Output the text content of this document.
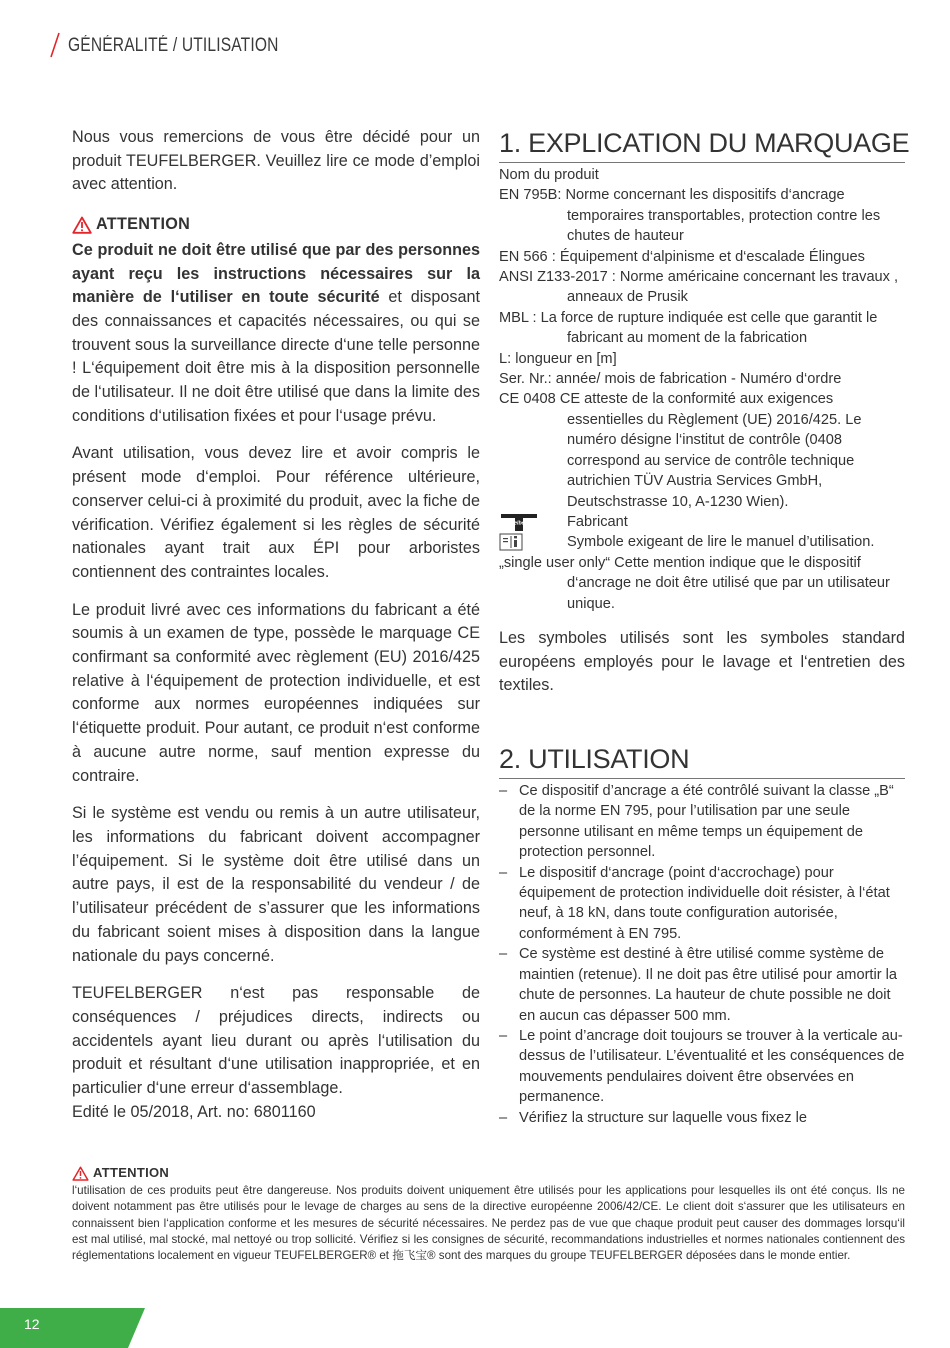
GÉNÉRALITÉ / UTILISATION

Nous vous remercions de vous être décidé pour un produit TEUFELBERGER. Veuillez lire ce mode d’emploi avec attention.

ATTENTION

Ce produit ne doit être utilisé que par des personnes ayant reçu les instructions nécessaires sur la manière de l‘utiliser en toute sécurité et disposant des connaissances et capacités nécessaires, ou qui se trouvent sous la surveillance directe d‘une telle personne ! L‘équipement doit être mis à la disposition personnelle de l‘utilisateur. Il ne doit être utilisé que dans la limite des conditions d‘utilisation fixées et pour l‘usage prévu.

Avant utilisation, vous devez lire et avoir compris le présent mode d‘emploi. Pour référence ultérieure, conserver celui-ci à proximité du produit, avec la fiche de vérification. Vérifiez également si les règles de sécurité nationales ayant trait aux ÉPI pour arboristes contiennent des contraintes locales.

Le produit livré avec ces informations du fabricant a été soumis à un examen de type, possède le marquage CE confirmant sa conformité avec règlement (EU) 2016/425 relative à l‘équipement de protection individuelle, et est conforme aux normes européennes indiquées sur l‘étiquette produit. Pour autant, ce produit n‘est conforme à aucune autre norme, sauf mention expresse du contraire.

Si le système est vendu ou remis à un autre utilisateur, les informations du fabricant doivent accompagner l’équipement. Si le système doit être utilisé dans un autre pays, il est de la responsabilité du vendeur / de l’utilisateur précédent de s’assurer que les informations du fabricant soient mises à disposition dans la langue nationale du pays concerné.

TEUFELBERGER n‘est pas responsable de conséquences / préjudices directs, indirects ou accidentels ayant lieu durant ou après l‘utilisation du produit et résultant d‘une utilisation inappropriée, et en particulier d‘une erreur d‘assemblage.
Edité le 05/2018, Art. no: 6801160

1. EXPLICATION DU MARQUAGE
Nom du produit
EN 795B: Norme concernant les dispositifs d‘ancrage temporaires transportables, protection contre les chutes de hauteur
EN 566 : Équipement d‘alpinisme et d‘escalade Élingues
ANSI Z133-2017 : Norme américaine concernant les travaux , anneaux de Prusik
MBL : La force de rupture indiquée est celle que garantit le fabricant au moment de la fabrication
L: longueur en [m]
Ser. Nr.: année/ mois de fabrication - Numéro d‘ordre
CE 0408 CE atteste de la conformité aux exigences essentielles du Règlement (UE) 2016/425. Le numéro désigne l‘institut de contrôle (0408 correspond au service de contrôle technique autrichien TÜV Austria Services GmbH, Deutschstrasse 10, A-1230 Wien).
Teufelberger Fabricant
Symbole exigeant de lire le manuel d’utilisation.
„single user only“ Cette mention indique que le dispositif d‘ancrage ne doit être utilisé que par un utilisateur unique.

Les symboles utilisés sont les symboles standard européens employés pour le lavage et l‘entretien des textiles.

2. UTILISATION
– Ce dispositif d’ancrage a été contrôlé suivant la classe „B“ de la norme EN 795, pour l’utilisation par une seule personne utilisant en même temps un équipement de protection personnel.
– Le dispositif d‘ancrage (point d‘accrochage) pour équipement de protection individuelle doit résister, à l‘état neuf, à 18 kN, dans toute configuration autorisée, conformément à EN 795.
– Ce système est destiné à être utilisé comme système de maintien (retenue). Il ne doit pas être utilisé pour amortir la chute de personnes. La hauteur de chute possible ne doit en aucun cas dépasser 500 mm.
– Le point d’ancrage doit toujours se trouver à la verticale au-dessus de l’utilisateur. L’éventualité et les conséquences de mouvements pendulaires doivent être observées en permanence.
– Vérifiez la structure sur laquelle vous fixez le
ATTENTION

l‘utilisation de ces produits peut être dangereuse. Nos produits doivent uniquement être utilisés pour les applications pour lesquelles ils ont été conçus. Ils ne doivent notamment pas être utilisés pour le levage de charges au sens de la directive européenne 2006/42/CE. Le client doit s‘assurer que les utilisateurs en connaissent bien l‘application conforme et les mesures de sécurité nécessaires. Ne perdez pas de vue que chaque produit peut causer des dommages lorsqu‘il est mal utilisé, mal stocké, mal nettoyé ou trop sollicité. Vérifiez si les consignes de sécurité, recommandations industrielles et normes nationales contiennent des réglementations localement en vigueur TEUFELBERGER® et 拖飞宝® sont des marques du groupe TEUFELBERGER déposées dans le monde entier.

12
